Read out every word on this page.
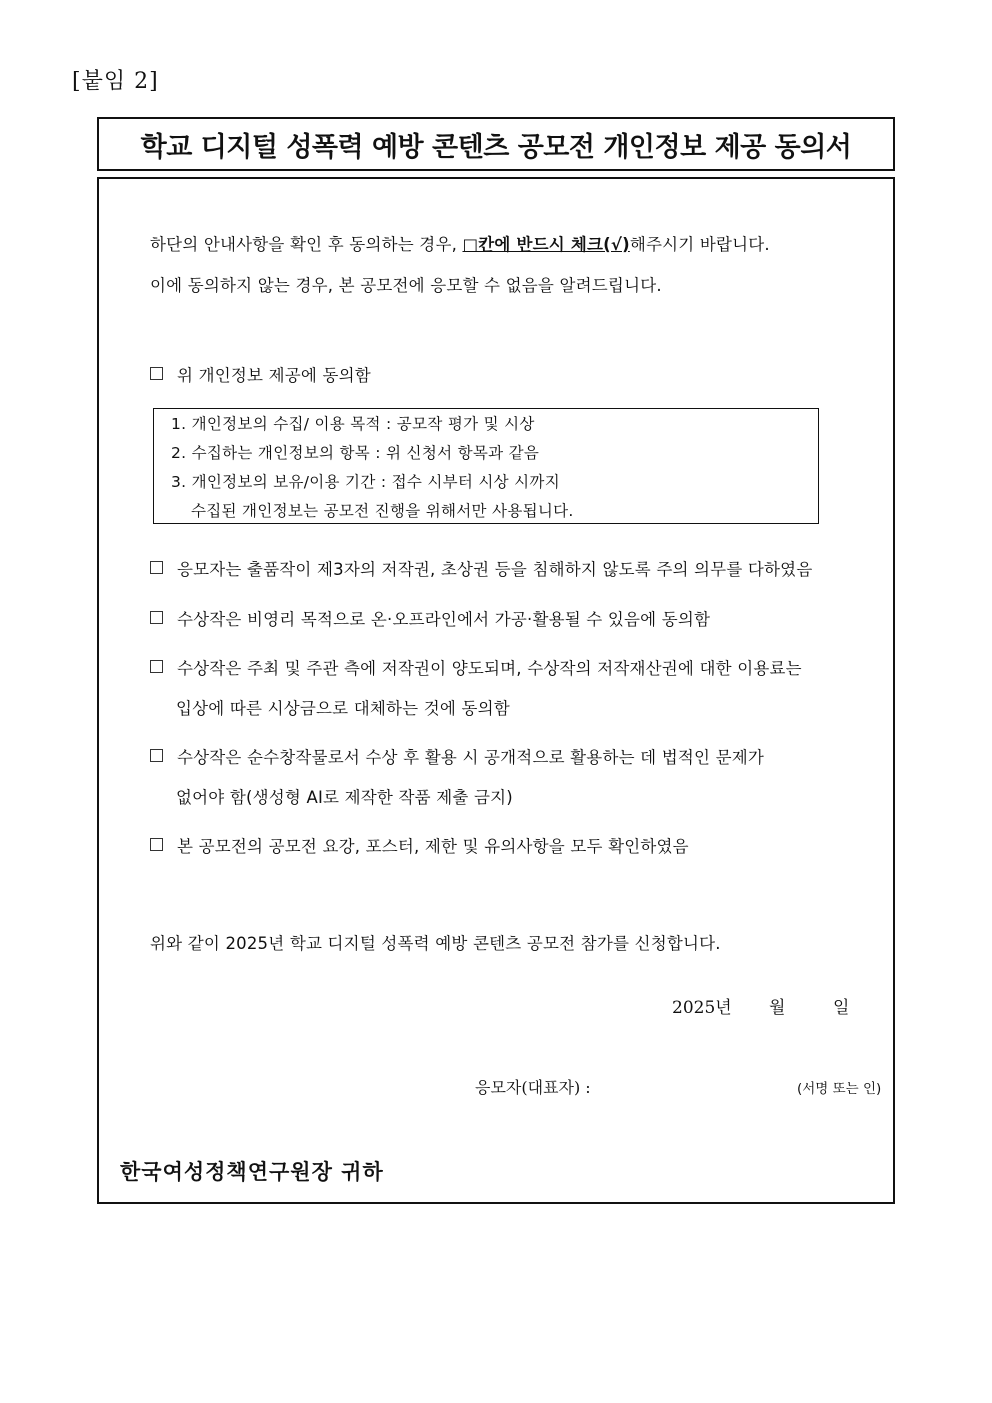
[붙임 2]
학교 디지털 성폭력 예방 콘텐츠 공모전 개인정보 제공 동의서
하단의 안내사항을 확인 후 동의하는 경우, □칸에 반드시 체크(√)해주시기 바랍니다.
이에 동의하지 않는 경우, 본 공모전에 응모할 수 없음을 알려드립니다.
위 개인정보 제공에 동의함
1. 개인정보의 수집/ 이용 목적 : 공모작 평가 및 시상
2. 수집하는 개인정보의 항목 : 위 신청서 항목과 같음
3. 개인정보의 보유/이용 기간 : 접수 시부터 시상 시까지
수집된 개인정보는 공모전 진행을 위해서만 사용됩니다.
응모자는 출품작이 제3자의 저작권, 초상권 등을 침해하지 않도록 주의 의무를 다하였음
수상작은 비영리 목적으로 온·오프라인에서 가공·활용될 수 있음에 동의함
수상작은 주최 및 주관 측에 저작권이 양도되며, 수상작의 저작재산권에 대한 이용료는
입상에 따른 시상금으로 대체하는 것에 동의함
수상작은 순수창작물로서 수상 후 활용 시 공개적으로 활용하는 데 법적인 문제가
없어야 함(생성형 AI로 제작한 작품 제출 금지)
본 공모전의 공모전 요강, 포스터, 제한 및 유의사항을 모두 확인하였음
위와 같이 2025년 학교 디지털 성폭력 예방 콘텐츠 공모전 참가를 신청합니다.
2025년 월	일
응모자(대표자) :	(서명 또는 인)
한국여성정책연구원장 귀하
